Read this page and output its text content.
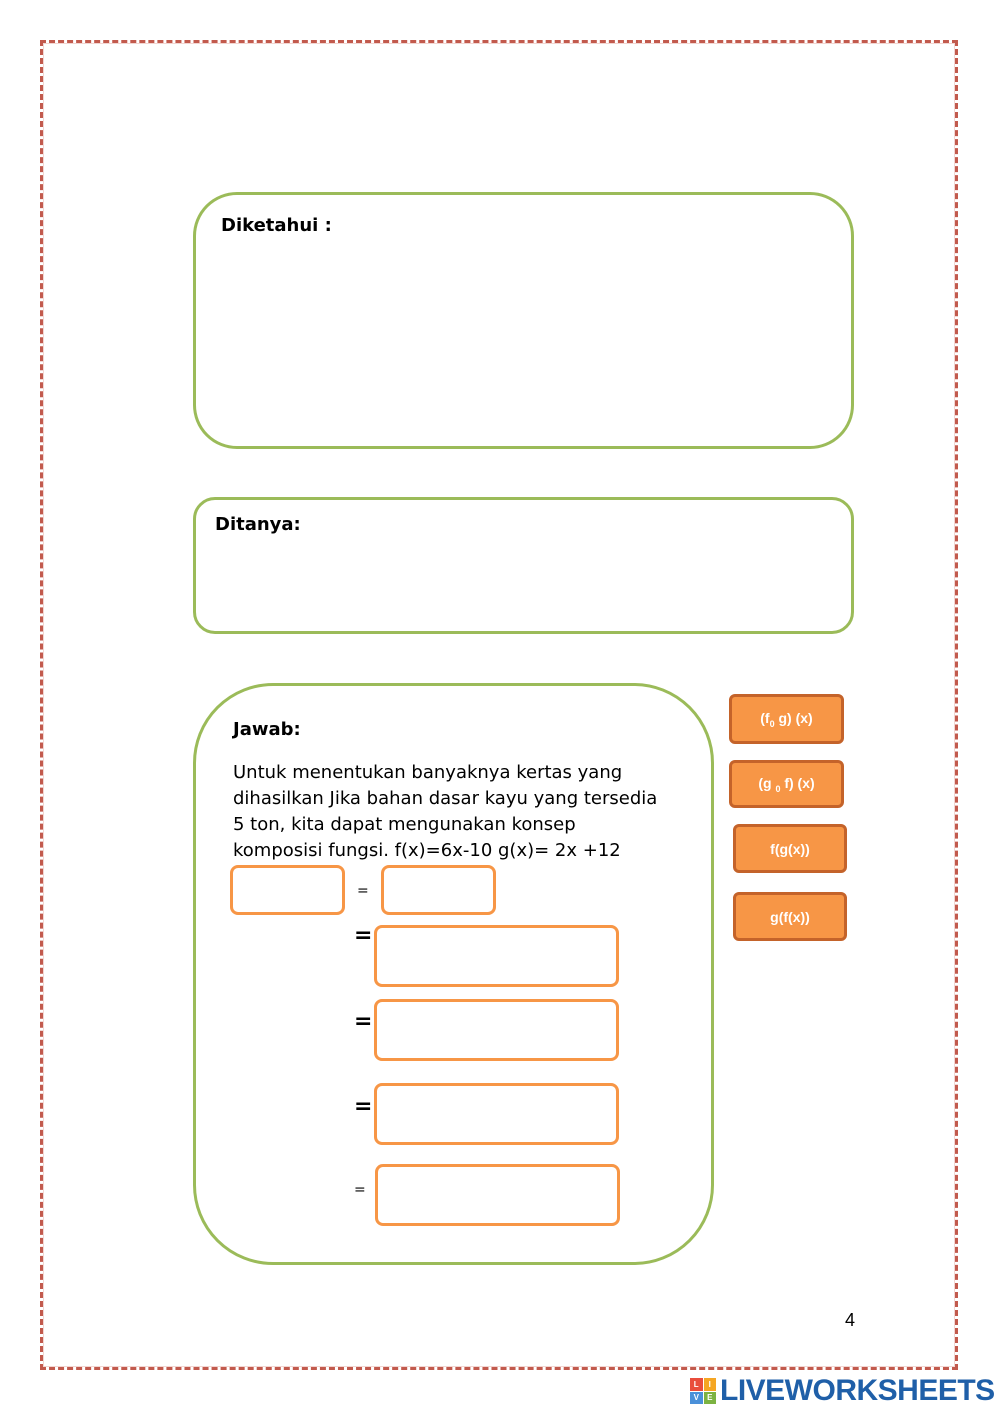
Diketahui :
Ditanya:
Jawab:
Untuk menentukan banyaknya kertas yang
dihasilkan Jika bahan dasar kayu yang tersedia
5 ton, kita dapat mengunakan konsep
komposisi fungsi. f(x)=6x-10 g(x)= 2x +12
=
=
=
=
=
($f_0$ g) (x)
(g $_0$ f) (x)
f(g(x))
g(f(x))
4
L	I
V	E LIVEWORKSHEETS
